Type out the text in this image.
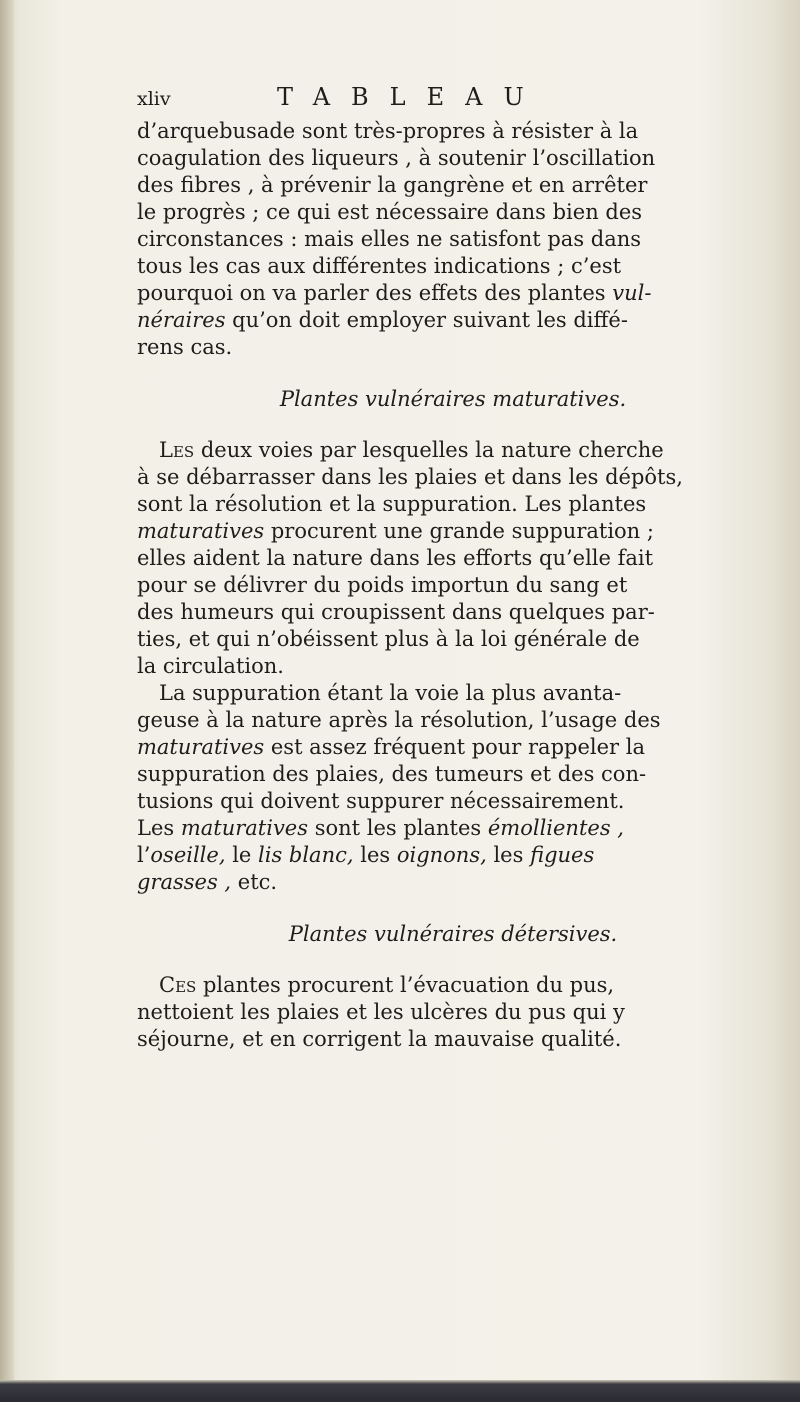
xliv	TABLEAU

d’arquebusade sont très-propres à résister à la
coagulation des liqueurs , à soutenir l’oscillation
des fibres , à prévenir la gangrène et en arrêter
le progrès ; ce qui est nécessaire dans bien des
circonstances : mais elles ne satisfont pas dans
tous les cas aux différentes indications ; c’est
pourquoi on va parler des effets des plantes vul-
néraires qu’on doit employer suivant les diffé-
rens cas.

Plantes vulnéraires maturatives.

Les deux voies par lesquelles la nature cherche
à se débarrasser dans les plaies et dans les dépôts,
sont la résolution et la suppuration. Les plantes
maturatives procurent une grande suppuration ;
elles aident la nature dans les efforts qu’elle fait
pour se délivrer du poids importun du sang et
des humeurs qui croupissent dans quelques par-
ties, et qui n’obéissent plus à la loi générale de
la circulation.

La suppuration étant la voie la plus avanta-
geuse à la nature après la résolution, l’usage des
maturatives est assez fréquent pour rappeler la
suppuration des plaies, des tumeurs et des con-
tusions qui doivent suppurer nécessairement.
Les maturatives sont les plantes émollientes ,
l’oseille, le lis blanc, les oignons, les figues
grasses , etc.

Plantes vulnéraires détersives.

Ces plantes procurent l’évacuation du pus,
nettoient les plaies et les ulcères du pus qui y
séjourne, et en corrigent la mauvaise qualité.
